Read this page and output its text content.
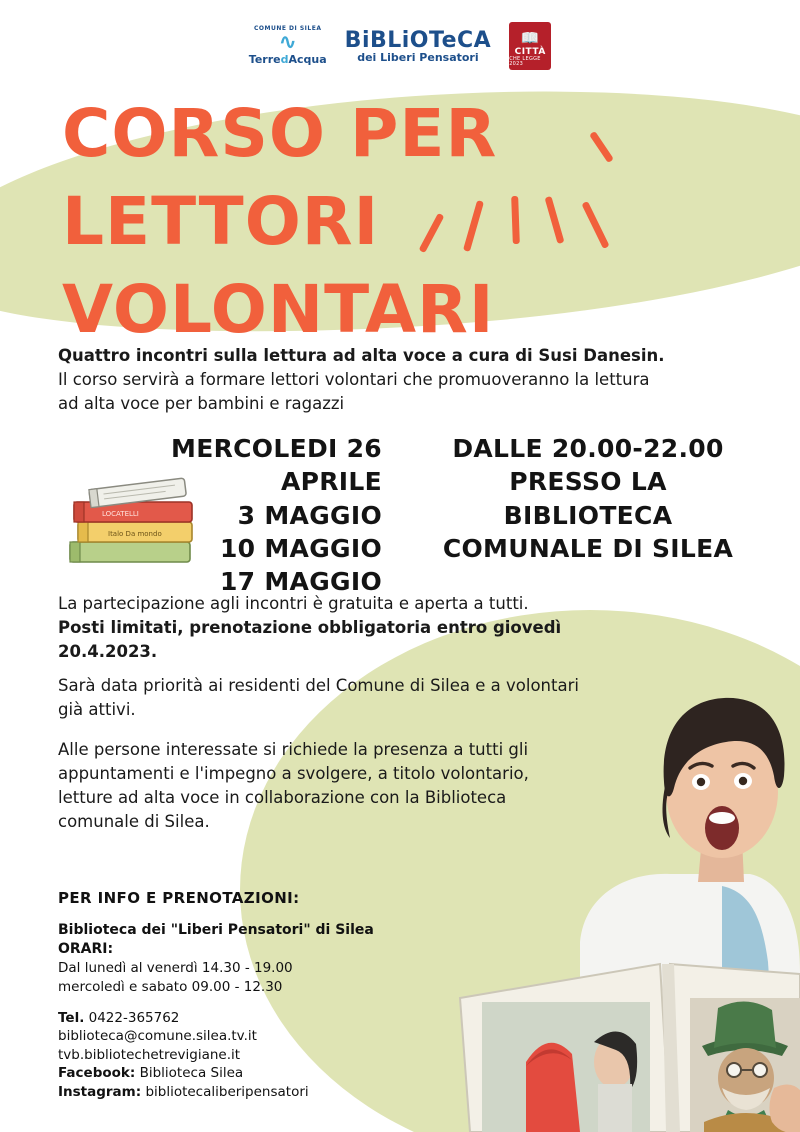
COMUNE DI SILEA
∿
TerredAcqua
BiBLiOTeCA
dei Liberi Pensatori
📖
CITTÀ
CHE LEGGE 2023
CORSO PER
LETTORI
VOLONTARI
Quattro incontri sulla lettura ad alta voce a cura di Susi Danesin.
Il corso servirà a formare lettori volontari che promuoveranno la lettura
ad alta voce per bambini e ragazzi
MERCOLEDI 26 APRILE
3 MAGGIO
10 MAGGIO
17 MAGGIO
DALLE 20.00-22.00
PRESSO LA
BIBLIOTECA
COMUNALE DI SILEA
Italo Da mondo
LOCATELLI
La partecipazione agli incontri è gratuita e aperta a tutti.
Posti limitati, prenotazione obbligatoria entro giovedì
20.4.2023.
Sarà data priorità ai residenti del Comune di Silea e a volontari
già attivi.
Alle persone interessate si richiede la presenza a tutti gli
appuntamenti e l'impegno a svolgere, a titolo volontario,
letture ad alta voce in collaborazione con la Biblioteca
comunale di Silea.
PER INFO E PRENOTAZIONI:
Biblioteca dei "Liberi Pensatori" di Silea
ORARI:
Dal lunedì al venerdì 14.30 - 19.00
mercoledì e sabato 09.00 - 12.30
Tel. 0422-365762
biblioteca@comune.silea.tv.it
tvb.bibliotechetrevigiane.it
Facebook: Biblioteca Silea
Instagram: bibliotecaliberipensatori
